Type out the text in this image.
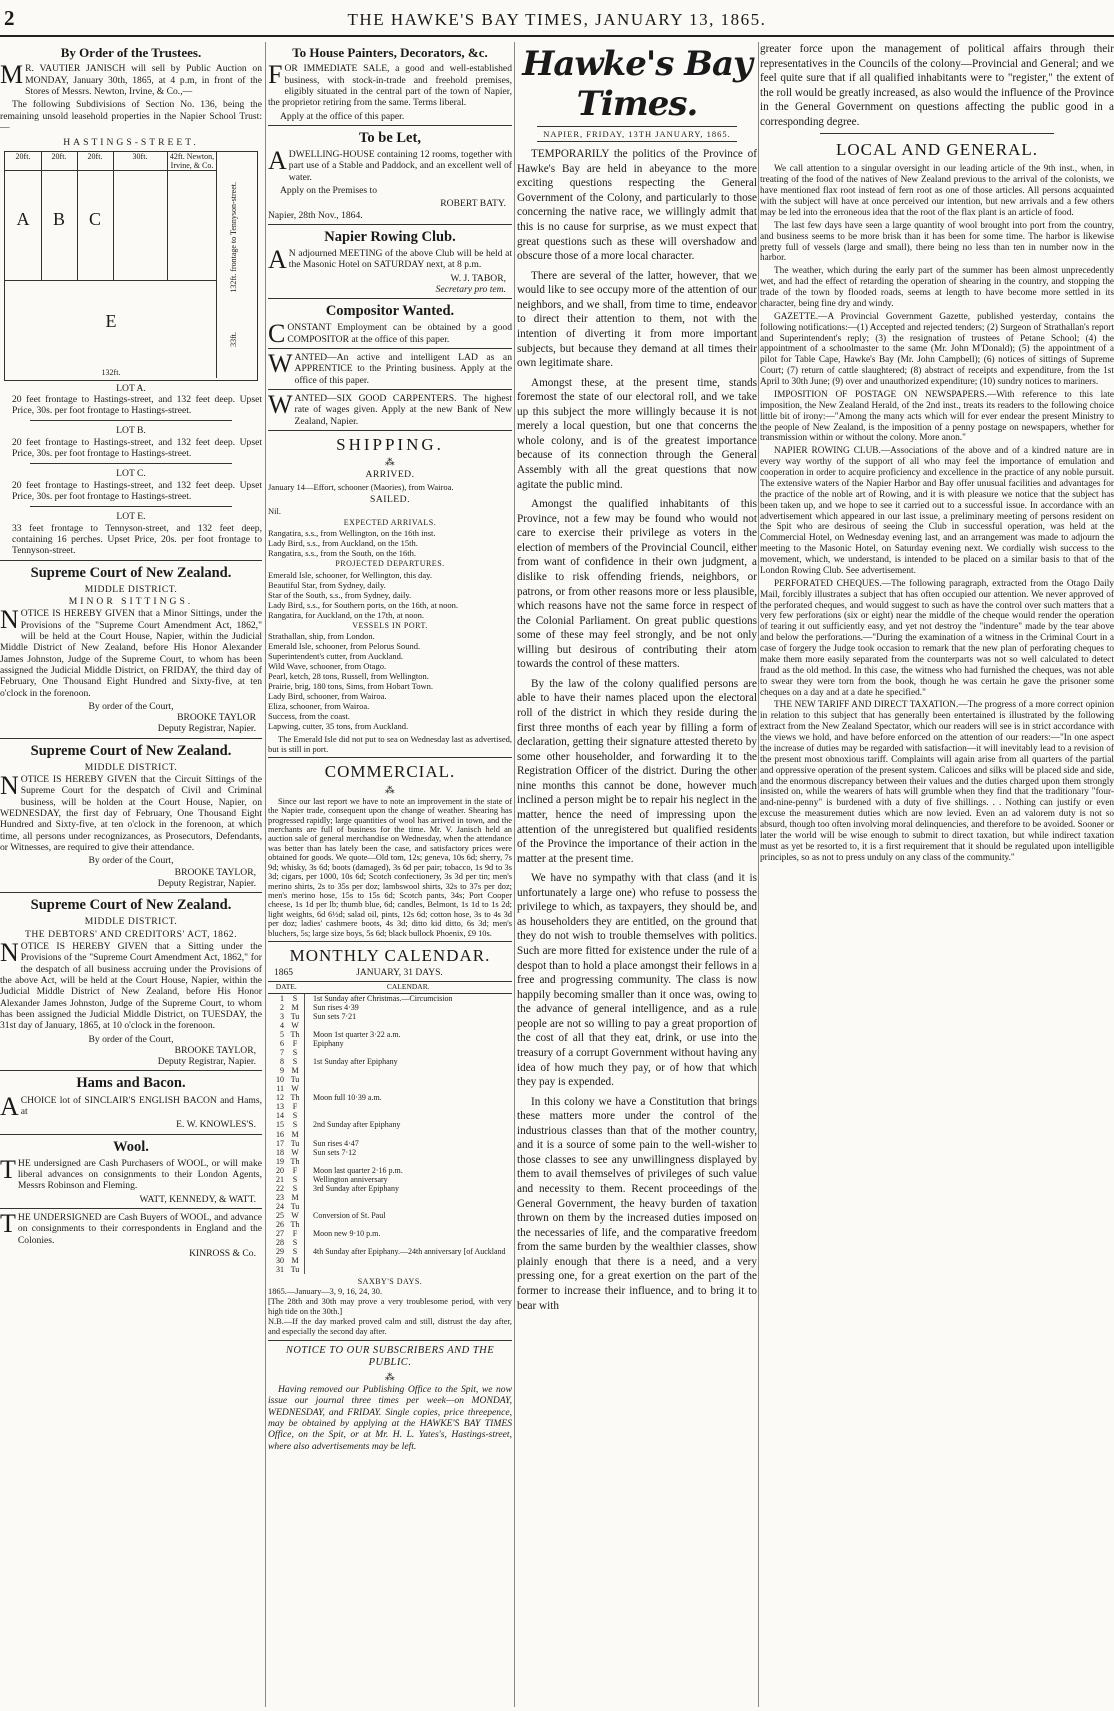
2	THE HAWKE'S BAY TIMES, JANUARY 13, 1865.
By Order of the Trustees.

M R. VAUTIER JANISCH will sell by Public Auction on MONDAY, January 30th, 1865, at 4 p.m, in front of the Stores of Messrs. Newton, Irvine, & Co.,—

The following Subdivisions of Section No. 136, being the remaining unsold leasehold properties in the Napier School Trust:—

HASTINGS-STREET.
20ft.
A
20ft.
B
20ft.
C
30ft.	42ft. Newton, Irvine, & Co.
E
132ft.
132ft. frontage to Tennyson-street.
33ft.
LOT A.

20 feet frontage to Hastings-street, and 132 feet deep. Upset Price, 30s. per foot frontage to Hastings-street.

LOT B.

20 feet frontage to Hastings-street, and 132 feet deep. Upset Price, 30s. per foot frontage to Hastings-street.

LOT C.

20 feet frontage to Hastings-street, and 132 feet deep. Upset Price, 30s. per foot frontage to Hastings-street.

LOT E.

33 feet frontage to Tennyson-street, and 132 feet deep, containing 16 perches. Upset Price, 20s. per foot frontage to Tennyson-street.

Supreme Court of New Zealand.
MIDDLE DISTRICT.
MINOR SITTINGS.

NOTICE IS HEREBY GIVEN that a Minor Sittings, under the Provisions of the "Supreme Court Amendment Act, 1862," will be held at the Court House, Napier, within the Judicial Middle District of New Zealand, before His Honor Alexander James Johnston, Judge of the Supreme Court, to whom has been assigned the Judicial Middle District, on FRIDAY, the third day of February, One Thousand Eight Hundred and Sixty-five, at ten o'clock in the forenoon.

By order of the Court,

BROOKE TAYLOR

Deputy Registrar, Napier.

Supreme Court of New Zealand.
MIDDLE DISTRICT.

NOTICE IS HEREBY GIVEN that the Circuit Sittings of the Supreme Court for the despatch of Civil and Criminal business, will be holden at the Court House, Napier, on WEDNESDAY, the first day of February, One Thousand Eight Hundred and Sixty-five, at ten o'clock in the forenoon, at which time, all persons under recognizances, as Prosecutors, Defendants, or Witnesses, are required to give their attendance.

By order of the Court,

BROOKE TAYLOR,

Deputy Registrar, Napier.

Supreme Court of New Zealand.
MIDDLE DISTRICT.
THE DEBTORS' AND CREDITORS' ACT, 1862.

NOTICE IS HEREBY GIVEN that a Sitting under the Provisions of the "Supreme Court Amendment Act, 1862," for the despatch of all business accruing under the Provisions of the above Act, will be held at the Court House, Napier, within the Judicial Middle District of New Zealand, before His Honor Alexander James Johnston, Judge of the Supreme Court, to whom has been assigned the Judicial Middle District, on TUESDAY, the 31st day of January, 1865, at 10 o'clock in the forenoon.

By order of the Court,

BROOKE TAYLOR,

Deputy Registrar, Napier.

Hams and Bacon.

ACHOICE lot of SINCLAIR'S ENGLISH BACON and Hams, at

E. W. KNOWLES'S.

Wool.

THE undersigned are Cash Purchasers of WOOL, or will make liberal advances on consignments to their London Agents, Messrs Robinson and Fleming.

WATT, KENNEDY, & WATT.

THE UNDERSIGNED are Cash Buyers of WOOL, and advance on consignments to their correspondents in England and the Colonies.

KINROSS & Co.

To House Painters, Decorators, &c.

FOR IMMEDIATE SALE, a good and well-established business, with stock-in-trade and freehold premises, eligibly situated in the central part of the town of Napier, the proprietor retiring from the same. Terms liberal.

Apply at the office of this paper.

To be Let,

ADWELLING-HOUSE containing 12 rooms, together with part use of a Stable and Paddock, and an excellent well of water.

Apply on the Premises to

ROBERT BATY.

Napier, 28th Nov., 1864.

Napier Rowing Club.

A N adjourned MEETING of the above Club will be held at the Masonic Hotel on SATURDAY next, at 8 p.m.

W. J. TABOR,

Secretary pro tem.

Compositor Wanted.

CONSTANT Employment can be obtained by a good COMPOSITOR at the office of this paper.

WANTED—An active and intelligent LAD as an APPRENTICE to the Printing business. Apply at the office of this paper.

WANTED—SIX GOOD CARPENTERS. The highest rate of wages given. Apply at the new Bank of New Zealand, Napier.

SHIPPING.
⁂
ARRIVED.

January 14—Effort, schooner (Maories), from Wairoa.

SAILED.

Nil.

EXPECTED ARRIVALS.

Rangatira, s.s., from Wellington, on the 16th inst.

Lady Bird, s.s., from Auckland, on the 15th.

Rangatira, s.s., from the South, on the 16th.

PROJECTED DEPARTURES.

Emerald Isle, schooner, for Wellington, this day.

Beautiful Star, from Sydney, daily.

Star of the South, s.s., from Sydney, daily.

Lady Bird, s.s., for Southern ports, on the 16th, at noon.

Rangatira, for Auckland, on the 17th, at noon.

VESSELS IN PORT.

Strathallan, ship, from London.

Emerald Isle, schooner, from Pelorus Sound.

Superintendent's cutter, from Auckland.

Wild Wave, schooner, from Otago.

Pearl, ketch, 28 tons, Russell, from Wellington.

Prairie, brig, 180 tons, Sims, from Hobart Town.

Lady Bird, schooner, from Wairoa.

Eliza, schooner, from Wairoa.

Success, from the coast.

Lapwing, cutter, 35 tons, from Auckland.

The Emerald Isle did not put to sea on Wednesday last as advertised, but is still in port.

COMMERCIAL.
⁂

Since our last report we have to note an improvement in the state of the Napier trade, consequent upon the change of weather. Shearing has progressed rapidly; large quantities of wool has arrived in town, and the merchants are full of business for the time. Mr. V. Janisch held an auction sale of general merchandise on Wednesday, when the attendance was better than has lately been the case, and satisfactory prices were obtained for goods. We quote—Old tom, 12s; geneva, 10s 6d; sherry, 7s 9d; whisky, 3s 6d; boots (damaged), 3s 6d per pair; tobacco, 1s 9d to 3s 3d; cigars, per 1000, 10s 6d; Scotch confectionery, 3s 3d per tin; men's merino shirts, 2s to 35s per doz; lambswool shirts, 32s to 37s per doz; men's merino hose, 15s to 15s 6d; Scotch pants, 34s; Port Cooper cheese, 1s 1d per lb; thumb blue, 6d; candles, Belmont, 1s 1d to 1s 2d; light weights, 6d 6½d; salad oil, pints, 12s 6d; cotton hose, 3s to 4s 3d per doz; ladies' cashmere boots, 4s 3d; ditto kid ditto, 6s 3d; men's bluchers, 5s; large size boys, 5s 6d; black bullock Phoenix, £9 10s.

MONTHLY CALENDAR.
1865	JANUARY, 31 DAYS.
DATE.		CALENDAR.
1	S	1st Sunday after Christmas.—Circumcision
2	M	Sun rises 4·39
3	Tu	Sun sets 7·21
4	W	
5	Th	Moon 1st quarter 3·22 a.m.
6	F	Epiphany
7	S	
8	S	1st Sunday after Epiphany
9	M	
10	Tu	
11	W	
12	Th	Moon full 10·39 a.m.
13	F	
14	S	
15	S	2nd Sunday after Epiphany
16	M	
17	Tu	Sun rises 4·47
18	W	Sun sets 7·12
19	Th	
20	F	Moon last quarter 2·16 p.m.
21	S	Wellington anniversary
22	S	3rd Sunday after Epiphany
23	M	
24	Tu	
25	W	Conversion of St. Paul
26	Th	
27	F	Moon new 9·10 p.m.
28	S	
29	S	4th Sunday after Epiphany.—24th anniversary [of Auckland
30	M	
31	Tu	
SAXBY'S DAYS.

1865.—January—3, 9, 16, 24, 30.

[The 28th and 30th may prove a very troublesome period, with very high tide on the 30th.]

N.B.—If the day marked proved calm and still, distrust the day after, and especially the second day after.

NOTICE TO OUR SUBSCRIBERS AND THE PUBLIC.
⁂

Having removed our Publishing Office to the Spit, we now issue our journal three times per week—on MONDAY, WEDNESDAY, and FRIDAY. Single copies, price threepence, may be obtained by applying at the HAWKE'S BAY TIMES Office, on the Spit, or at Mr. H. L. Yates's, Hastings-street, where also advertisements may be left.

Hawke's Bay Times.
NAPIER, FRIDAY, 13TH JANUARY, 1865.

TEMPORARILY the politics of the Province of Hawke's Bay are held in abeyance to the more exciting questions respecting the General Government of the Colony, and particularly to those concerning the native race, we willingly admit that this is no cause for surprise, as we must expect that great questions such as these will overshadow and obscure those of a more local character.

There are several of the latter, however, that we would like to see occupy more of the attention of our neighbors, and we shall, from time to time, endeavor to direct their attention to them, not with the intention of diverting it from more important subjects, but because they demand at all times their own legitimate share.

Amongst these, at the present time, stands foremost the state of our electoral roll, and we take up this subject the more willingly because it is not merely a local question, but one that concerns the whole colony, and is of the greatest importance because of its connection through the General Assembly with all the great questions that now agitate the public mind.

Amongst the qualified inhabitants of this Province, not a few may be found who would not care to exercise their privilege as voters in the election of members of the Provincial Council, either from want of confidence in their own judgment, a dislike to risk offending friends, neighbors, or patrons, or from other reasons more or less plausible, which reasons have not the same force in respect of the Colonial Parliament. On great public questions some of these may feel strongly, and be not only willing but desirous of contributing their atom towards the control of these matters.

By the law of the colony qualified persons are able to have their names placed upon the electoral roll of the district in which they reside during the first three months of each year by filling a form of declaration, getting their signature attested thereto by some other householder, and forwarding it to the Registration Officer of the district. During the other nine months this cannot be done, however much inclined a person might be to repair his neglect in the matter, hence the need of impressing upon the attention of the unregistered but qualified residents of the Province the importance of their action in the matter at the present time.

We have no sympathy with that class (and it is unfortunately a large one) who refuse to possess the privilege to which, as taxpayers, they should be, and as householders they are entitled, on the ground that they do not wish to trouble themselves with politics. Such are more fitted for existence under the rule of a despot than to hold a place amongst their fellows in a free and progressing community. The class is now happily becoming smaller than it once was, owing to the advance of general intelligence, and as a rule people are not so willing to pay a great proportion of the cost of all that they eat, drink, or use into the treasury of a corrupt Government without having any idea of how much they pay, or of how that which they pay is expended.

In this colony we have a Constitution that brings these matters more under the control of the industrious classes than that of the mother country, and it is a source of some pain to the well-wisher to those classes to see any unwillingness displayed by them to avail themselves of privileges of such value and necessity to them. Recent proceedings of the General Government, the heavy burden of taxation thrown on them by the increased duties imposed on the necessaries of life, and the comparative freedom from the same burden by the wealthier classes, show plainly enough that there is a need, and a very pressing one, for a great exertion on the part of the former to increase their influence, and to bring it to bear with

greater force upon the management of political affairs through their representatives in the Councils of the colony—Provincial and General; and we feel quite sure that if all qualified inhabitants were to "register," the extent of the roll would be greatly increased, as also would the influence of the Province in the General Government on questions affecting the public good in a corresponding degree.

LOCAL AND GENERAL.

We call attention to a singular oversight in our leading article of the 9th inst., when, in treating of the food of the natives of New Zealand previous to the arrival of the colonists, we have mentioned flax root instead of fern root as one of those articles. All persons acquainted with the subject will have at once perceived our intention, but new arrivals and a few others may be led into the erroneous idea that the root of the flax plant is an article of food.

The last few days have seen a large quantity of wool brought into port from the country, and business seems to be more brisk than it has been for some time. The harbor is likewise pretty full of vessels (large and small), there being no less than ten in number now in the harbor.

The weather, which during the early part of the summer has been almost unprecedently wet, and had the effect of retarding the operation of shearing in the country, and stopping the trade of the town by flooded roads, seems at length to have become more settled in its character, being fine dry and windy.

GAZETTE.—A Provincial Government Gazette, published yesterday, contains the following notifications:—(1) Accepted and rejected tenders; (2) Surgeon of Strathallan's report and Superintendent's reply; (3) the resignation of trustees of Petane School; (4) the appointment of a schoolmaster to the same (Mr. John M'Donald); (5) the appointment of a pilot for Table Cape, Hawke's Bay (Mr. John Campbell); (6) notices of sittings of Supreme Court; (7) return of cattle slaughtered; (8) abstract of receipts and expenditure, from the 1st April to 30th June; (9) over and unauthorized expenditure; (10) sundry notices to mariners.

IMPOSITION OF POSTAGE ON NEWSPAPERS.—With reference to this late imposition, the New Zealand Herald, of the 2nd inst., treats its readers to the following choice little bit of irony:—"Among the many acts which will for ever endear the present Ministry to the people of New Zealand, is the imposition of a penny postage on newspapers, whether for transmission within or without the colony. More anon."

NAPIER ROWING CLUB.—Associations of the above and of a kindred nature are in every way worthy of the support of all who may feel the importance of emulation and cooperation in order to acquire proficiency and excellence in the practice of any noble pursuit. The extensive waters of the Napier Harbor and Bay offer unusual facilities and advantages for the practice of the noble art of Rowing, and it is with pleasure we notice that the subject has been taken up, and we hope to see it carried out to a successful issue. In accordance with an advertisement which appeared in our last issue, a preliminary meeting of persons resident on the Spit who are desirous of seeing the Club in successful operation, was held at the Commercial Hotel, on Wednesday evening last, and an arrangement was made to adjourn the meeting to the Masonic Hotel, on Saturday evening next. We cordially wish success to the movement, which, we understand, is intended to be placed on a similar basis to that of the London Rowing Club. See advertisement.

PERFORATED CHEQUES.—The following paragraph, extracted from the Otago Daily Mail, forcibly illustrates a subject that has often occupied our attention. We never approved of the perforated cheques, and would suggest to such as have the control over such matters that a very few perforations (six or eight) near the middle of the cheque would render the operation of tearing it out sufficiently easy, and yet not destroy the "indenture" made by the tear above and below the perforations.—"During the examination of a witness in the Criminal Court in a case of forgery the Judge took occasion to remark that the new plan of perforating cheques to make them more easily separated from the counterparts was not so well calculated to detect fraud as the old method. In this case, the witness who had furnished the cheques, was not able to swear they were torn from the book, though he was certain he gave the prisoner some cheques on a day and at a date he specified."

THE NEW TARIFF AND DIRECT TAXATION.—The progress of a more correct opinion in relation to this subject that has generally been entertained is illustrated by the following extract from the New Zealand Spectator, which our readers will see is in strict accordance with the views we hold, and have before enforced on the attention of our readers:—"In one aspect the increase of duties may be regarded with satisfaction—it will inevitably lead to a revision of the present most obnoxious tariff. Complaints will again arise from all quarters of the partial and oppressive operation of the present system. Calicoes and silks will be placed side and side, and the enormous discrepancy between their values and the duties charged upon them strongly insisted on, while the wearers of hats will grumble when they find that the traditionary "four-and-nine-penny" is burdened with a duty of five shillings. . . Nothing can justify or even excuse the measurement duties which are now levied. Even an ad valorem duty is not so absurd, though too often involving moral delinquencies, and therefore to be avoided. Sooner or later the world will be wise enough to submit to direct taxation, but while indirect taxation must as yet be resorted to, it is a first requirement that it should be regulated upon intelligible principles, so as not to press unduly on any class of the community."
